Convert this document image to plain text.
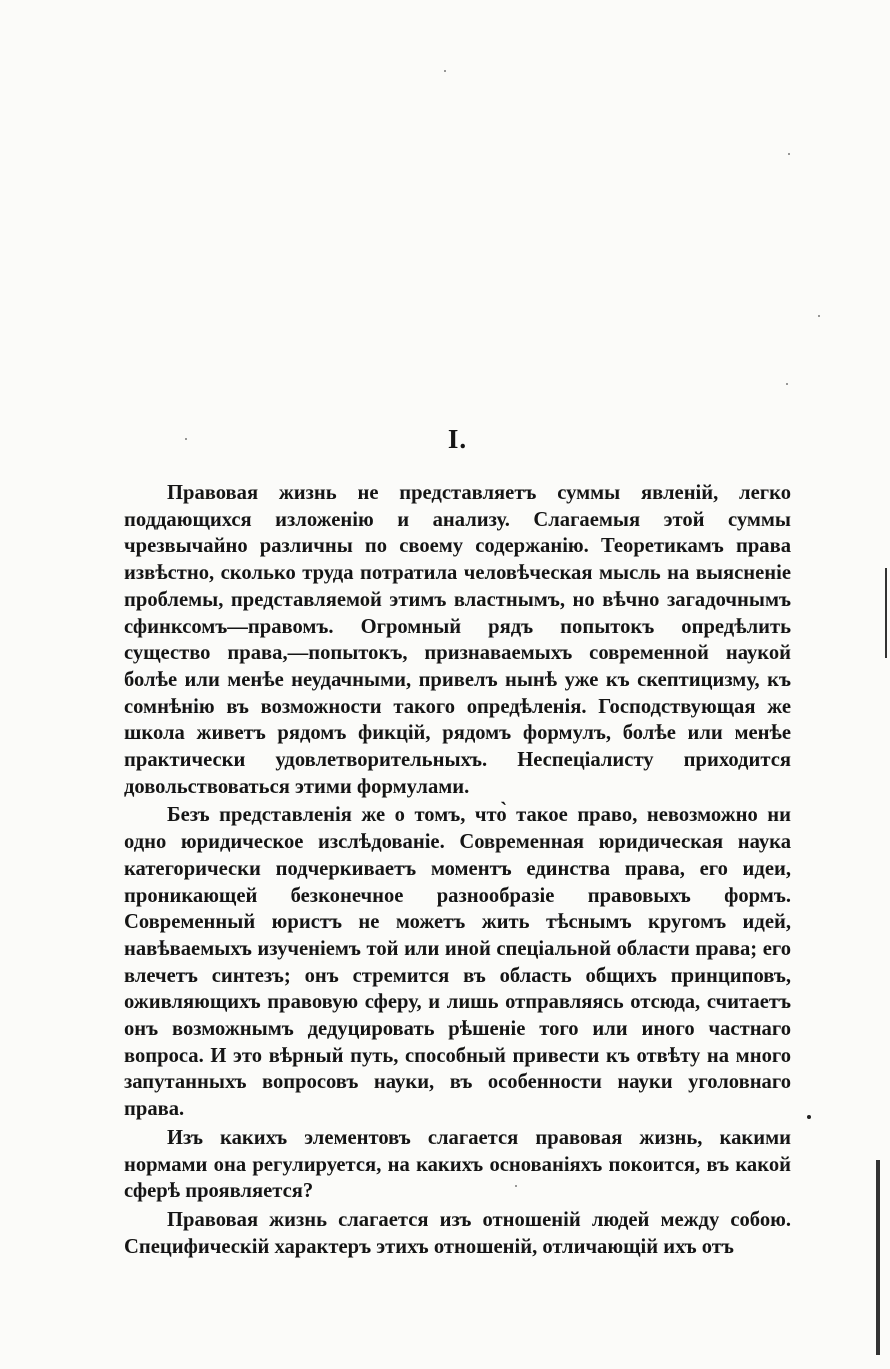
I.

Правовая жизнь не представляетъ суммы явленій, легко поддающихся изложенію и анализу. Слагаемыя этой суммы чрезвычайно различны по своему содержанію. Теоретикамъ права извѣстно, сколько труда потратила человѣческая мысль на выясненіе проблемы, представляемой этимъ властнымъ, но вѣчно загадочнымъ сфинксомъ—правомъ. Огромный рядъ попытокъ опредѣлить существо права,—попытокъ, признаваемыхъ современной наукой болѣе или менѣе неудачными, привелъ нынѣ уже къ скептицизму, къ сомнѣнію въ возможности такого опредѣленія. Господствующая же школа живетъ рядомъ фикцій, рядомъ формулъ, болѣе или менѣе практически удовлетворительныхъ. Неспеціалисту приходится довольствоваться этими формулами.

Безъ представленія же о томъ, что̀ такое право, невозможно ни одно юридическое изслѣдованіе. Современная юридическая наука категорически подчеркиваетъ моментъ единства права, его идеи, проникающей безконечное разнообразіе правовыхъ формъ. Современный юристъ не можетъ жить тѣснымъ кругомъ идей, навѣваемыхъ изученіемъ той или иной спеціальной области права; его влечетъ синтезъ; онъ стремится въ область общихъ принциповъ, оживляющихъ правовую сферу, и лишь отправляясь отсюда, считаетъ онъ возможнымъ дедуцировать рѣшеніе того или иного частнаго вопроса. И это вѣрный путь, способный привести къ отвѣту на много запутанныхъ вопросовъ науки, въ особенности науки уголовнаго права.

Изъ какихъ элементовъ слагается правовая жизнь, какими нормами она регулируется, на какихъ основаніяхъ покоится, въ какой сферѣ проявляется?

Правовая жизнь слагается изъ отношеній людей между собою. Специфическій характеръ этихъ отношеній, отличающій ихъ отъ
